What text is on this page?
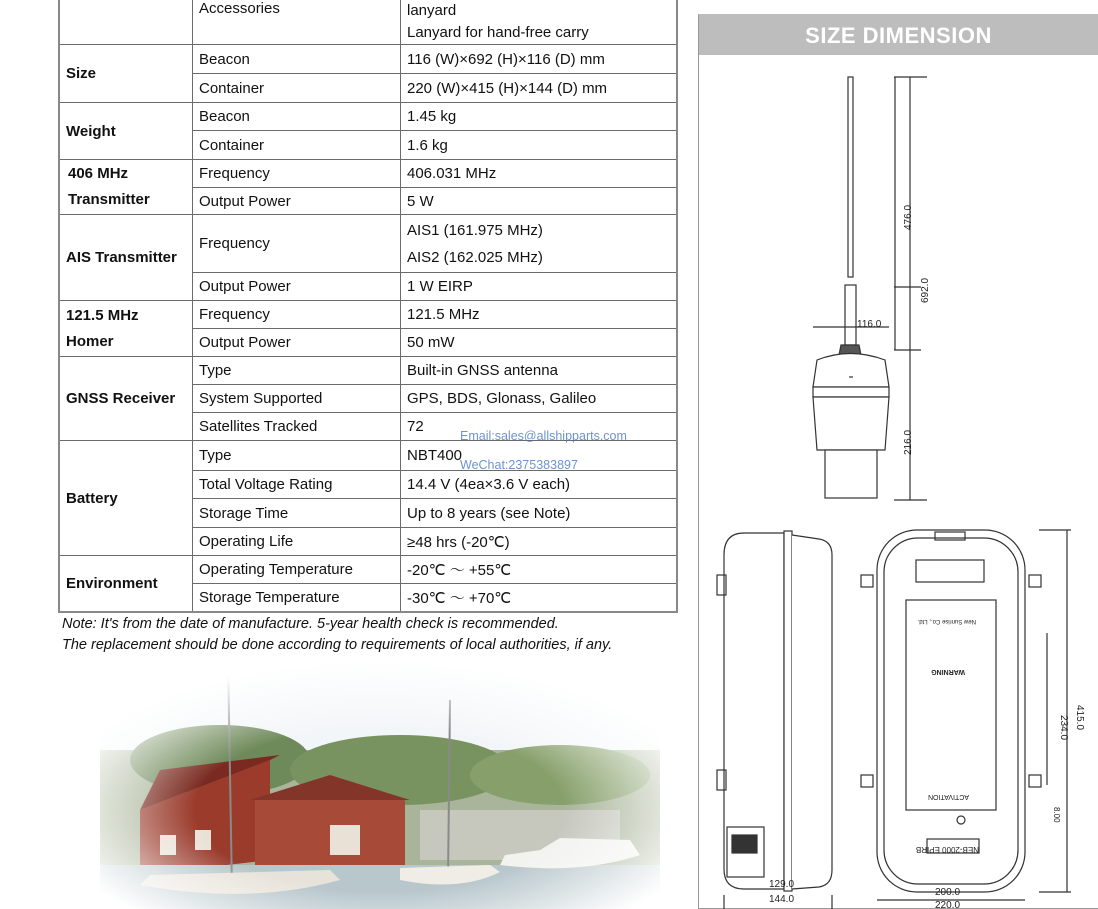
	Accessories	lanyard
Lanyard for hand-free carry

Size	Beacon	116 (W)×692 (H)×116 (D) mm
	Container	220 (W)×415 (H)×144 (D) mm
Weight	Beacon	1.45 kg
	Container	1.6 kg

406 MHz
Transmitter	Frequency	406.031 MHz
	Output Power	5 W
AIS Transmitter	Frequency	AIS1 (161.975 MHz)
AIS2 (162.025 MHz)

	Output Power	1 W EIRP

121.5 MHz
Homer	Frequency	121.5 MHz
	Output Power	50 mW
GNSS Receiver	Type	Built-in GNSS antenna
	System Supported	GPS, BDS, Glonass, Galileo
	Satellites Tracked	72
Battery	Type	NBT400
	Total Voltage Rating	14.4 V (4ea×3.6 V each)
	Storage Time	Up to 8 years (see Note)
	Operating Life	≥48 hrs (-20℃)
Environment	Operating Temperature	-20℃ ～ +55℃
	Storage Temperature	-30℃ ～ +70℃
Email:sales@allshipparts.com
WeChat:2375383897
Note: It's from the date of manufacture. 5-year health check is recommended.
The replacement should be done according to requirements of local authorities, if any.
SIZE DIMENSION
476.0
692.0
116.0
216.0
129.0
144.0
NEB-2000 EPIRB
ACTIVATION
WARNING
New Sunrise Co., Ltd.
200.0
220.0
234.0 415.0
8.00
